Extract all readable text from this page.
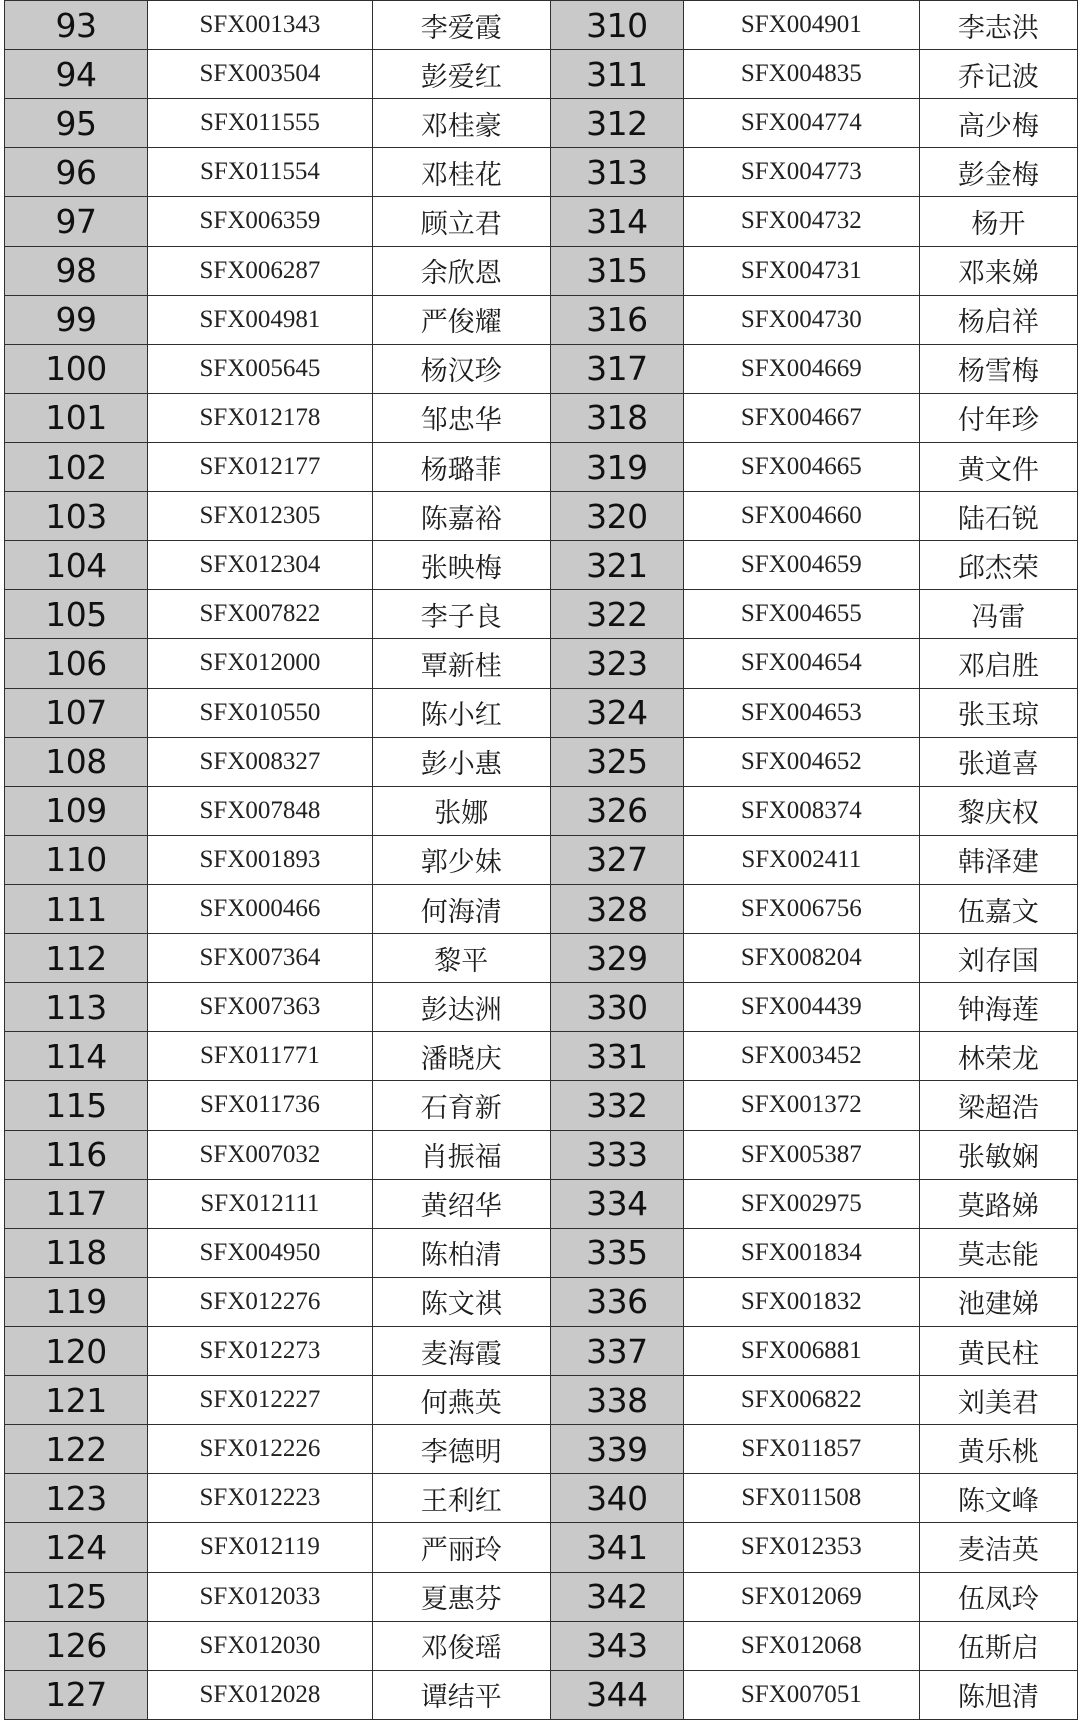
93	SFX001343	李爱霞	310	SFX004901	李志洪
94	SFX003504	彭爱红	311	SFX004835	乔记波
95	SFX011555	邓桂豪	312	SFX004774	高少梅
96	SFX011554	邓桂花	313	SFX004773	彭金梅
97	SFX006359	顾立君	314	SFX004732	杨开
98	SFX006287	余欣恩	315	SFX004731	邓来娣
99	SFX004981	严俊耀	316	SFX004730	杨启祥
100	SFX005645	杨汉珍	317	SFX004669	杨雪梅
101	SFX012178	邹忠华	318	SFX004667	付年珍
102	SFX012177	杨璐菲	319	SFX004665	黄文件
103	SFX012305	陈嘉裕	320	SFX004660	陆石锐
104	SFX012304	张映梅	321	SFX004659	邱杰荣
105	SFX007822	李子良	322	SFX004655	冯雷
106	SFX012000	覃新桂	323	SFX004654	邓启胜
107	SFX010550	陈小红	324	SFX004653	张玉琼
108	SFX008327	彭小惠	325	SFX004652	张道喜
109	SFX007848	张娜	326	SFX008374	黎庆权
110	SFX001893	郭少妹	327	SFX002411	韩泽建
111	SFX000466	何海清	328	SFX006756	伍嘉文
112	SFX007364	黎平	329	SFX008204	刘存国
113	SFX007363	彭达洲	330	SFX004439	钟海莲
114	SFX011771	潘晓庆	331	SFX003452	林荣龙
115	SFX011736	石育新	332	SFX001372	梁超浩
116	SFX007032	肖振福	333	SFX005387	张敏娴
117	SFX012111	黄绍华	334	SFX002975	莫路娣
118	SFX004950	陈柏清	335	SFX001834	莫志能
119	SFX012276	陈文祺	336	SFX001832	池建娣
120	SFX012273	麦海霞	337	SFX006881	黄民柱
121	SFX012227	何燕英	338	SFX006822	刘美君
122	SFX012226	李德明	339	SFX011857	黄乐桃
123	SFX012223	王利红	340	SFX011508	陈文峰
124	SFX012119	严丽玲	341	SFX012353	麦洁英
125	SFX012033	夏惠芬	342	SFX012069	伍凤玲
126	SFX012030	邓俊瑶	343	SFX012068	伍斯启
127	SFX012028	谭结平	344	SFX007051	陈旭清
